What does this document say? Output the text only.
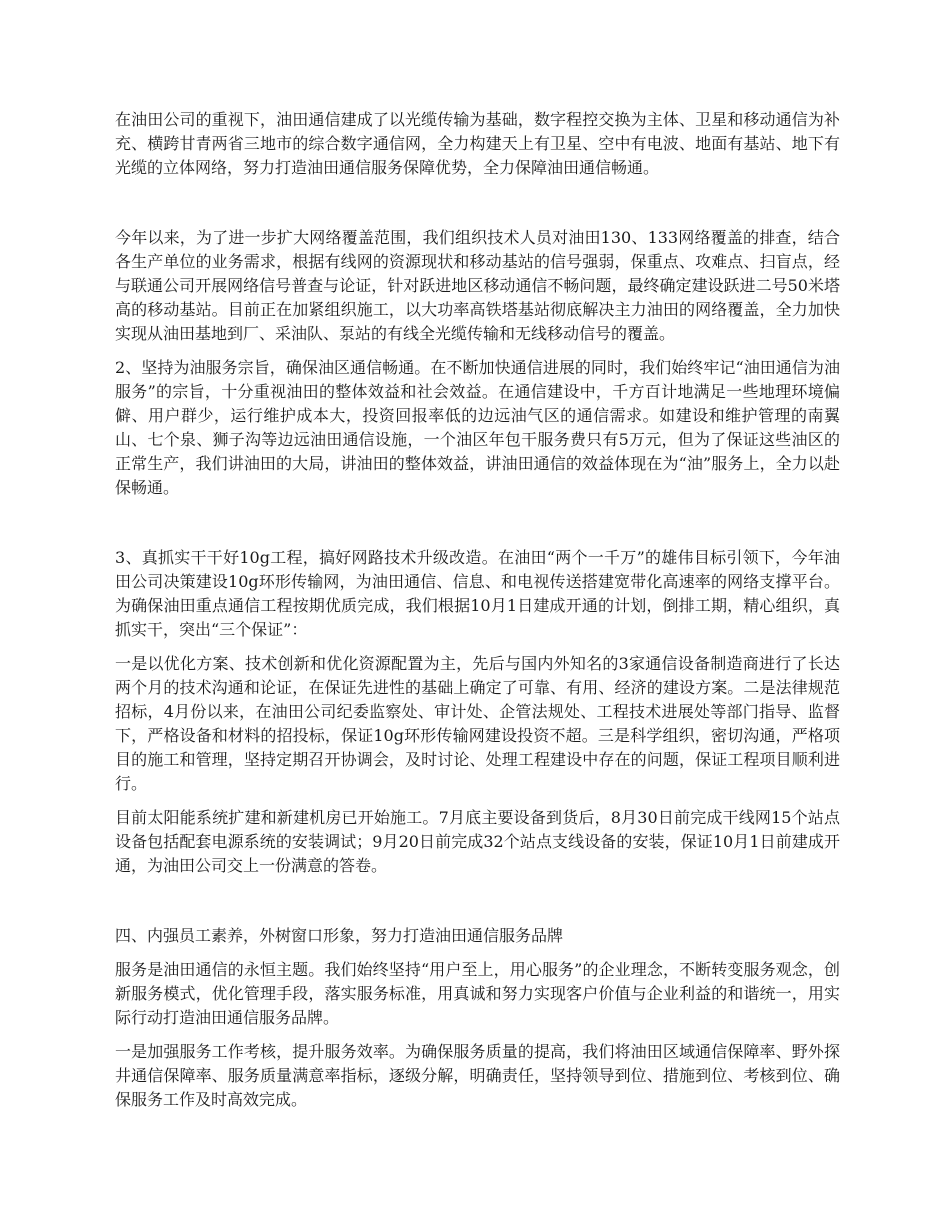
在油田公司的重视下，油田通信建成了以光缆传输为基础，数字程控交换为主体、卫星和移动通信为补充、横跨甘青两省三地市的综合数字通信网，全力构建天上有卫星、空中有电波、地面有基站、地下有光缆的立体网络，努力打造油田通信服务保障优势，全力保障油田通信畅通。

今年以来，为了进一步扩大网络覆盖范围，我们组织技术人员对油田130、133网络覆盖的排查，结合各生产单位的业务需求，根据有线网的资源现状和移动基站的信号强弱，保重点、攻难点、扫盲点，经与联通公司开展网络信号普查与论证，针对跃进地区移动通信不畅问题，最终确定建设跃进二号50米塔高的移动基站。目前正在加紧组织施工，以大功率高铁塔基站彻底解决主力油田的网络覆盖，全力加快实现从油田基地到厂、采油队、泵站的有线全光缆传输和无线移动信号的覆盖。

2、坚持为油服务宗旨，确保油区通信畅通。在不断加快通信进展的同时，我们始终牢记“油田通信为油服务”的宗旨，十分重视油田的整体效益和社会效益。在通信建设中，千方百计地满足一些地理环境偏僻、用户群少，运行维护成本大，投资回报率低的边远油气区的通信需求。如建设和维护管理的南翼山、七个泉、狮子沟等边远油田通信设施，一个油区年包干服务费只有5万元，但为了保证这些油区的正常生产，我们讲油田的大局，讲油田的整体效益，讲油田通信的效益体现在为“油”服务上，全力以赴保畅通。

3、真抓实干干好10g工程，搞好网路技术升级改造。在油田“两个一千万”的雄伟目标引领下，今年油田公司决策建设10g环形传输网，为油田通信、信息、和电视传送搭建宽带化高速率的网络支撑平台。为确保油田重点通信工程按期优质完成，我们根据10月1日建成开通的计划，倒排工期，精心组织，真抓实干，突出“三个保证”：

一是以优化方案、技术创新和优化资源配置为主，先后与国内外知名的3家通信设备制造商进行了长达两个月的技术沟通和论证，在保证先进性的基础上确定了可靠、有用、经济的建设方案。二是法律规范招标，4月份以来，在油田公司纪委监察处、审计处、企管法规处、工程技术进展处等部门指导、监督下，严格设备和材料的招投标，保证10g环形传输网建设投资不超。三是科学组织，密切沟通，严格项目的施工和管理，坚持定期召开协调会，及时讨论、处理工程建设中存在的问题，保证工程项目顺利进行。

目前太阳能系统扩建和新建机房已开始施工。7月底主要设备到货后，8月30日前完成干线网15个站点设备包括配套电源系统的安装调试；9月20日前完成32个站点支线设备的安装，保证10月1日前建成开通，为油田公司交上一份满意的答卷。

四、内强员工素养，外树窗口形象，努力打造油田通信服务品牌

服务是油田通信的永恒主题。我们始终坚持“用户至上，用心服务”的企业理念，不断转变服务观念，创新服务模式，优化管理手段，落实服务标准，用真诚和努力实现客户价值与企业利益的和谐统一，用实际行动打造油田通信服务品牌。

一是加强服务工作考核，提升服务效率。为确保服务质量的提高，我们将油田区域通信保障率、野外探井通信保障率、服务质量满意率指标，逐级分解，明确责任，坚持领导到位、措施到位、考核到位、确保服务工作及时高效完成。
